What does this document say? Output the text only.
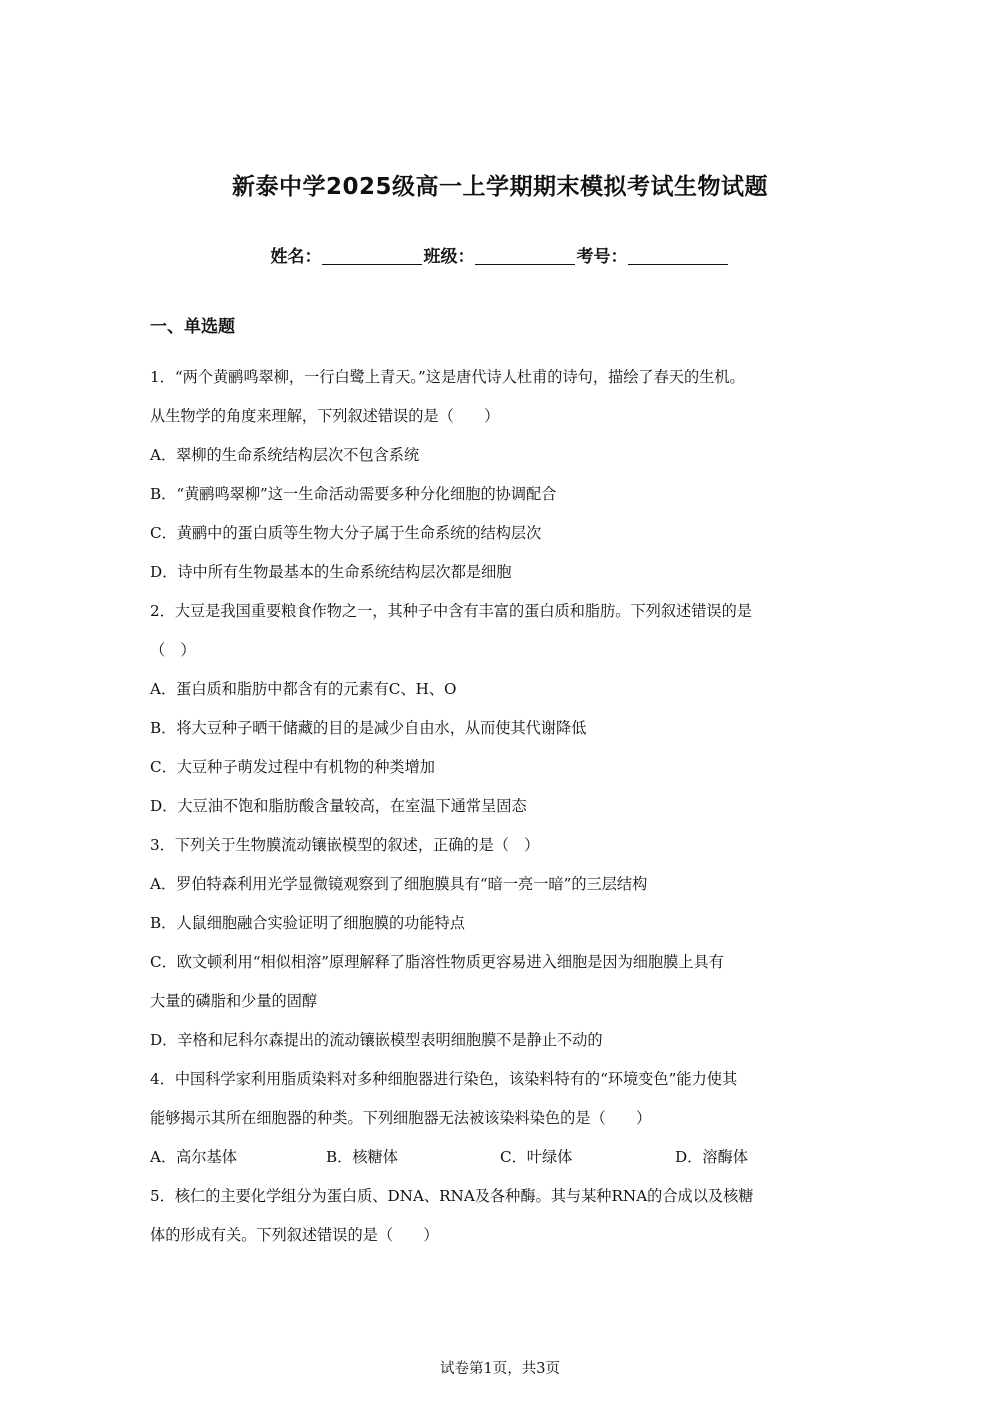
新泰中学2025级高一上学期期末模拟考试生物试题
姓名：	班级：	考号：
一、单选题
1．“两个黄鹂鸣翠柳，一行白鹭上青天。”这是唐代诗人杜甫的诗句，描绘了春天的生机。
从生物学的角度来理解，下列叙述错误的是（　　）
A．翠柳的生命系统结构层次不包含系统
B．“黄鹂鸣翠柳”这一生命活动需要多种分化细胞的协调配合
C．黄鹂中的蛋白质等生物大分子属于生命系统的结构层次
D．诗中所有生物最基本的生命系统结构层次都是细胞
2．大豆是我国重要粮食作物之一，其种子中含有丰富的蛋白质和脂肪。下列叙述错误的是
（　）
A．蛋白质和脂肪中都含有的元素有C、H、O
B．将大豆种子晒干储藏的目的是减少自由水，从而使其代谢降低
C．大豆种子萌发过程中有机物的种类增加
D．大豆油不饱和脂肪酸含量较高，在室温下通常呈固态
3．下列关于生物膜流动镶嵌模型的叙述，正确的是（　）
A．罗伯特森利用光学显微镜观察到了细胞膜具有“暗一亮一暗”的三层结构
B．人鼠细胞融合实验证明了细胞膜的功能特点
C．欧文顿利用“相似相溶”原理解释了脂溶性物质更容易进入细胞是因为细胞膜上具有
大量的磷脂和少量的固醇
D．辛格和尼科尔森提出的流动镶嵌模型表明细胞膜不是静止不动的
4．中国科学家利用脂质染料对多种细胞器进行染色，该染料特有的“环境变色”能力使其
能够揭示其所在细胞器的种类。下列细胞器无法被该染料染色的是（　　）
A．高尔基体	B．核糖体	C．叶绿体	D．溶酶体
5．核仁的主要化学组分为蛋白质、DNA、RNA及各种酶。其与某种RNA的合成以及核糖
体的形成有关。下列叙述错误的是（　　）
试卷第1页，共3页
